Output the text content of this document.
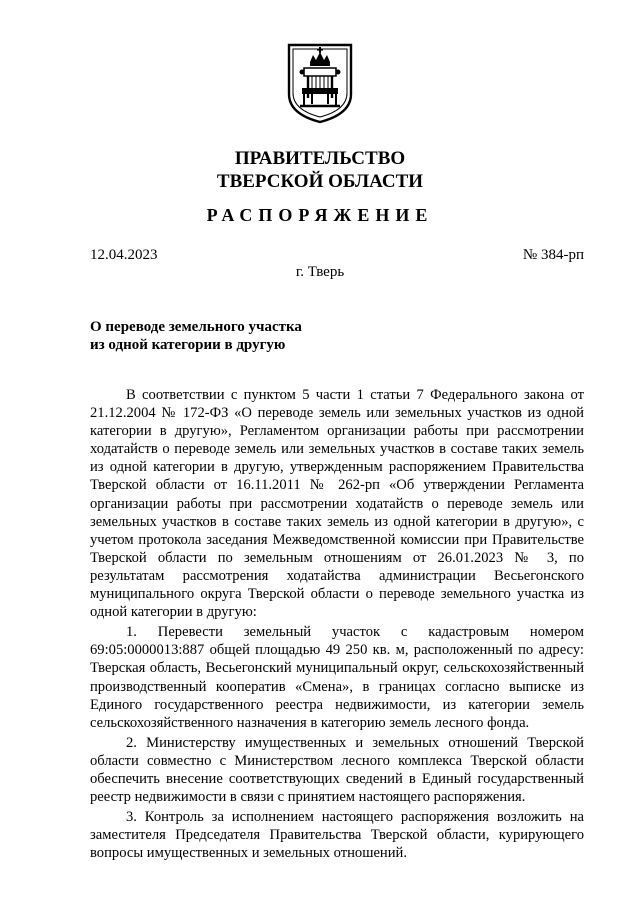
ПРАВИТЕЛЬСТВО
ТВЕРСКОЙ ОБЛАСТИ
РАСПОРЯЖЕНИЕ
12.04.2023	№ 384-рп
г. Тверь
О переводе земельного участка
из одной категории в другую

В соответствии с пунктом 5 части 1 статьи 7 Федерального закона от 21.12.2004 № 172-ФЗ «О переводе земель или земельных участков из одной категории в другую», Регламентом организации работы при рассмотрении ходатайств о переводе земель или земельных участков в составе таких земель из одной категории в другую, утвержденным распоряжением Правительства Тверской области от 16.11.2011 № 262-рп «Об утверждении Регламента организации работы при рассмотрении ходатайств о переводе земель или земельных участков в составе таких земель из одной категории в другую», с учетом протокола заседания Межведомственной комиссии при Правительстве Тверской области по земельным отношениям от 26.01.2023 № 3, по результатам рассмотрения ходатайства администрации Весьегонского муниципального округа Тверской области о переводе земельного участка из одной категории в другую:

1. Перевести земельный участок с кадастровым номером 69:05:0000013:887 общей площадью 49 250 кв. м, расположенный по адресу: Тверская область, Весьегонский муниципальный округ, сельскохозяйственный производственный кооператив «Смена», в границах согласно выписке из Единого государственного реестра недвижимости, из категории земель сельскохозяйственного назначения в категорию земель лесного фонда.

2. Министерству имущественных и земельных отношений Тверской области совместно с Министерством лесного комплекса Тверской области обеспечить внесение соответствующих сведений в Единый государственный реестр недвижимости в связи с принятием настоящего распоряжения.

3. Контроль за исполнением настоящего распоряжения возложить на заместителя Председателя Правительства Тверской области, курирующего вопросы имущественных и земельных отношений.
